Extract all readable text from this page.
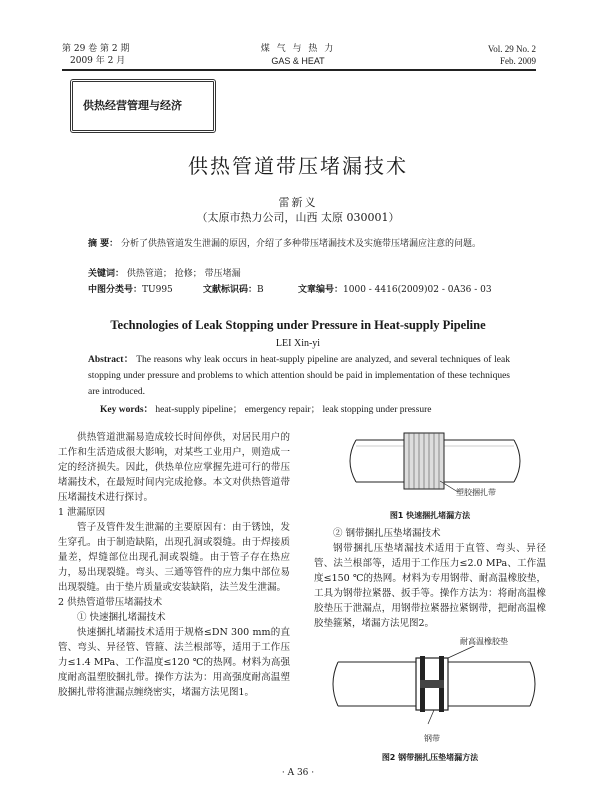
第 29 卷 第 2 期
2009 年 2 月
煤 气 与 热 力
GAS & HEAT
Vol. 29 No. 2
Feb. 2009
供热经营管理与经济
供热管道带压堵漏技术
雷新义
（太原市热力公司，山西 太原 030001）
摘 要： 分析了供热管道发生泄漏的原因，介绍了多种带压堵漏技术及实施带压堵漏应注意的问题。
关键词： 供热管道； 抢修； 带压堵漏
中图分类号：TU995	文献标识码：B	文章编号：1000 - 4416(2009)02 - 0A36 - 03
Technologies of Leak Stopping under Pressure in Heat-supply Pipeline
LEI Xin-yi
Abstract： The reasons why leak occurs in heat-supply pipeline are analyzed, and several techniques of leak stopping under pressure and problems to which attention should be paid in implementation of these techniques are introduced.
Key words： heat-supply pipeline； emergency repair； leak stopping under pressure

供热管道泄漏易造成较长时间停供，对居民用户的工作和生活造成很大影响，对某些工业用户，则造成一定的经济损失。因此，供热单位应掌握先进可行的带压堵漏技术，在最短时间内完成抢修。本文对供热管道带压堵漏技术进行探讨。

1 泄漏原因

管子及管件发生泄漏的主要原因有：由于锈蚀，发生穿孔。由于制造缺陷，出现孔洞或裂缝。由于焊接质量差，焊缝部位出现孔洞或裂缝。由于管子存在热应力，易出现裂缝。弯头、三通等管件的应力集中部位易出现裂缝。由于垫片质量或安装缺陷，法兰发生泄漏。

2 供热管道带压堵漏技术

① 快速捆扎堵漏技术

快速捆扎堵漏技术适用于规格≤DN 300 mm的直管、弯头、异径管、管箍、法兰根部等，适用于工作压力≤1.4 MPa、工作温度≤120 ℃的热网。材料为高强度耐高温塑胶捆扎带。操作方法为：用高强度耐高温塑胶捆扎带将泄漏点缠绕密实，堵漏方法见图1。

塑胶捆扎带
图1 快速捆扎堵漏方法

② 钢带捆扎压垫堵漏技术

钢带捆扎压垫堵漏技术适用于直管、弯头、异径管、法兰根部等，适用于工作压力≤2.0 MPa、工作温度≤150 ℃的热网。材料为专用钢带、耐高温橡胶垫，工具为钢带拉紧器、扳手等。操作方法为：将耐高温橡胶垫压于泄漏点，用钢带拉紧器拉紧钢带，把耐高温橡胶垫箍紧，堵漏方法见图2。

耐高温橡胶垫
钢带
图2 钢带捆扎压垫堵漏方法
· A 36 ·
